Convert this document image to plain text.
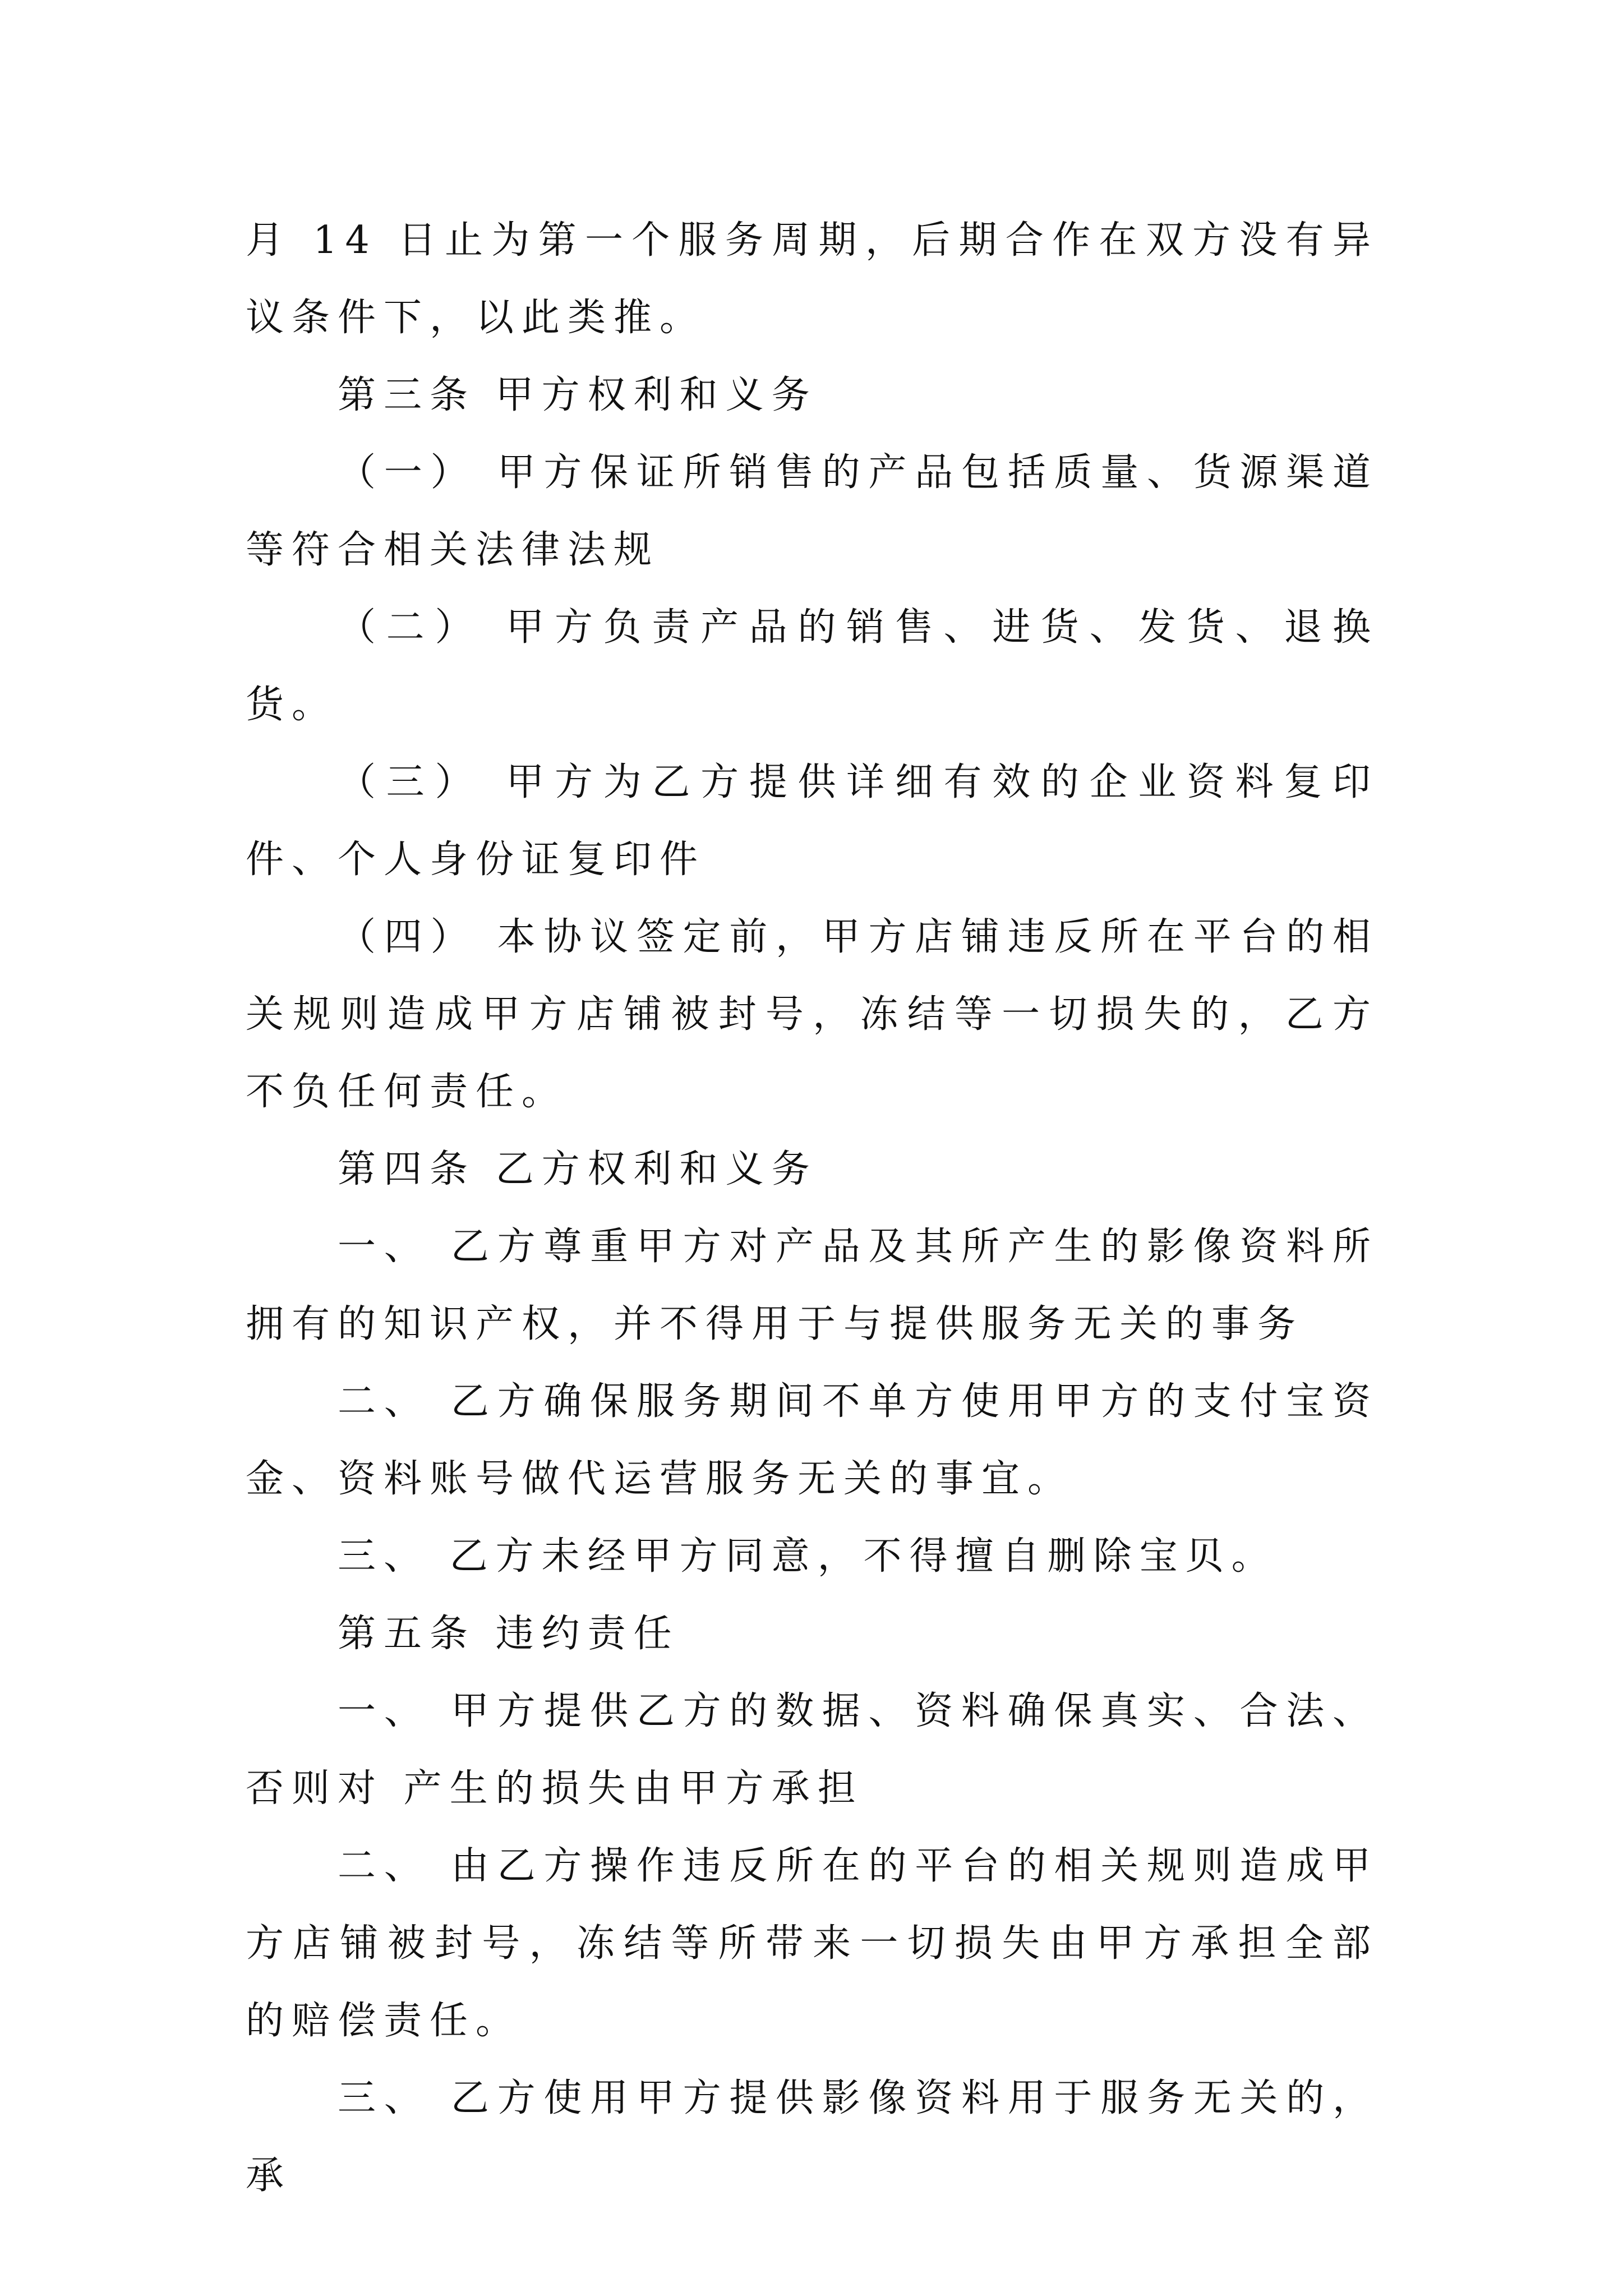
月 14 日止为第一个服务周期，后期合作在双方没有异议条件下，以此类推。

第三条 甲方权利和义务

（一） 甲方保证所销售的产品包括质量、货源渠道等符合相关法律法规

（二） 甲方负责产品的销售、进货、发货、退换货。

（三） 甲方为乙方提供详细有效的企业资料复印件、个人身份证复印件

（四） 本协议签定前，甲方店铺违反所在平台的相关规则造成甲方店铺被封号，冻结等一切损失的，乙方不负任何责任。

第四条 乙方权利和义务

一、 乙方尊重甲方对产品及其所产生的影像资料所拥有的知识产权，并不得用于与提供服务无关的事务

二、 乙方确保服务期间不单方使用甲方的支付宝资金、资料账号做代运营服务无关的事宜。

三、 乙方未经甲方同意，不得擅自删除宝贝。

第五条 违约责任

一、 甲方提供乙方的数据、资料确保真实、合法、否则对 产生的损失由甲方承担

二、 由乙方操作违反所在的平台的相关规则造成甲方店铺被封号，冻结等所带来一切损失由甲方承担全部的赔偿责任。

三、 乙方使用甲方提供影像资料用于服务无关的，承
